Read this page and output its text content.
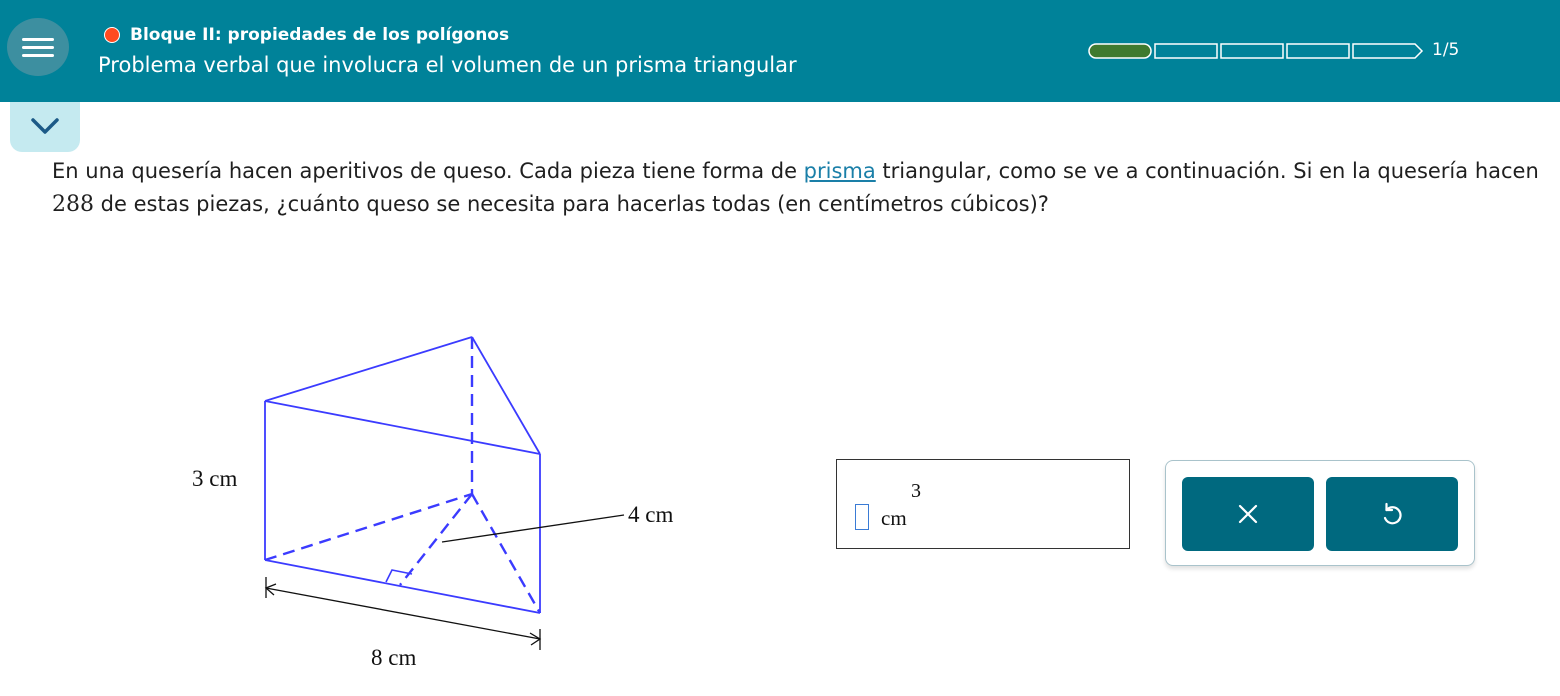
Bloque II: propiedades de los polígonos
Problema verbal que involucra el volumen de un prisma triangular
1/5
En una quesería hacen aperitivos de queso. Cada pieza tiene forma de prisma triangular, como se ve a continuación. Si en la quesería hacen 288 de estas piezas, ¿cuánto queso se necesita para hacerlas todas (en centímetros cúbicos)?
3 cm
4 cm
8 cm
cm
3
